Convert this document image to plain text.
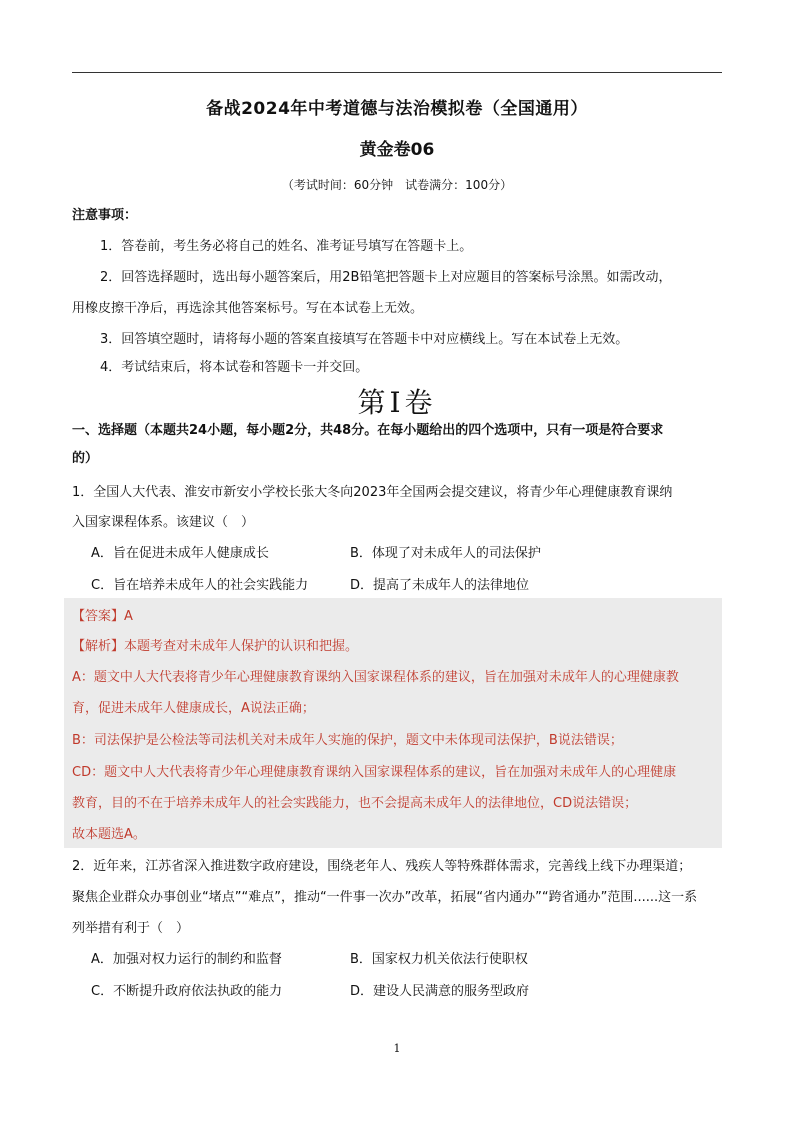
备战2024年中考道德与法治模拟卷（全国通用）
黄金卷06
（考试时间：60分钟　试卷满分：100分）
注意事项：
1．答卷前，考生务必将自己的姓名、准考证号填写在答题卡上。
2．回答选择题时，选出每小题答案后，用2B铅笔把答题卡上对应题目的答案标号涂黑。如需改动，
用橡皮擦干净后，再选涂其他答案标号。写在本试卷上无效。
3．回答填空题时，请将每小题的答案直接填写在答题卡中对应横线上。写在本试卷上无效。
4．考试结束后，将本试卷和答题卡一并交回。
第Ⅰ卷
一、选择题（本题共24小题，每小题2分，共48分。在每小题给出的四个选项中，只有一项是符合要求
的）
1．全国人大代表、淮安市新安小学校长张大冬向2023年全国两会提交建议，将青少年心理健康教育课纳
入国家课程体系。该建议（　）
A．旨在促进未成年人健康成长	B．体现了对未成年人的司法保护
C．旨在培养未成年人的社会实践能力	D．提高了未成年人的法律地位
【答案】A
【解析】本题考查对未成年人保护的认识和把握。
A：题文中人大代表将青少年心理健康教育课纳入国家课程体系的建议，旨在加强对未成年人的心理健康教
育，促进未成年人健康成长，A说法正确；
B：司法保护是公检法等司法机关对未成年人实施的保护，题文中未体现司法保护，B说法错误；
CD：题文中人大代表将青少年心理健康教育课纳入国家课程体系的建议，旨在加强对未成年人的心理健康
教育，目的不在于培养未成年人的社会实践能力，也不会提高未成年人的法律地位，CD说法错误；
故本题选A。
2．近年来，江苏省深入推进数字政府建设，围绕老年人、残疾人等特殊群体需求，完善线上线下办理渠道；
聚焦企业群众办事创业“堵点”“难点”，推动“一件事一次办”改革，拓展“省内通办”“跨省通办”范围......这一系
列举措有利于（　）
A．加强对权力运行的制约和监督	B．国家权力机关依法行使职权
C．不断提升政府依法执政的能力	D．建设人民满意的服务型政府
1
